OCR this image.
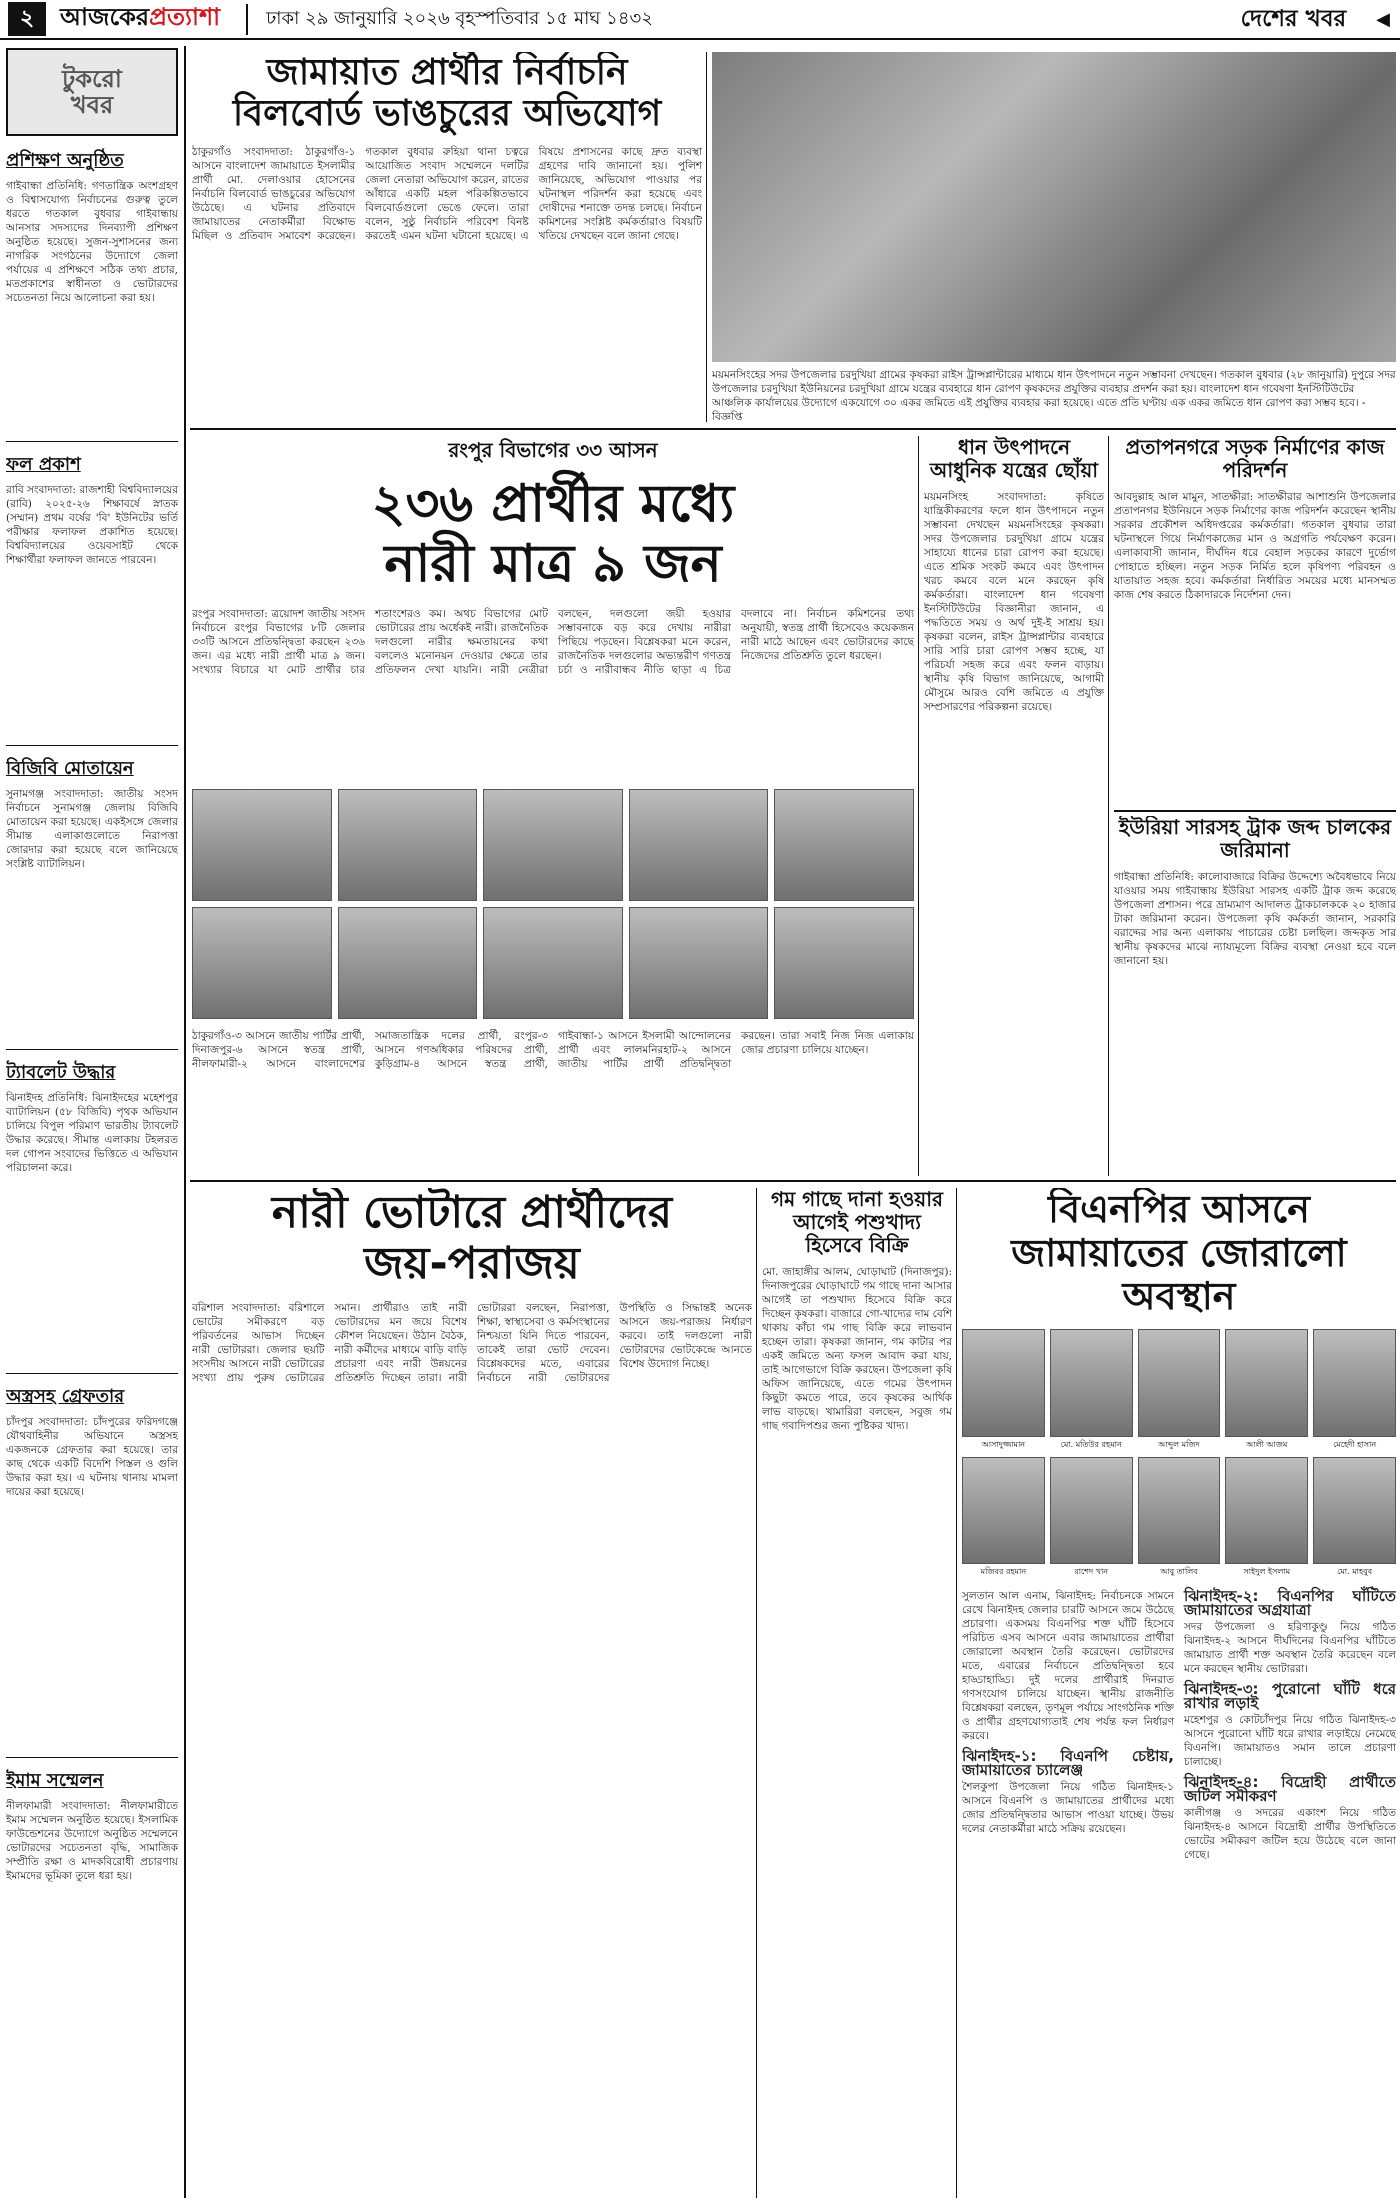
২	আজকেরপ্রত্যাশা	ঢাকা ২৯ জানুয়ারি ২০২৬ বৃহস্পতিবার ১৫ মাঘ ১৪৩২	দেশের খবর ◀
টুকরো
খবর
প্রশিক্ষণ অনুষ্ঠিত
গাইবান্ধা প্রতিনিধি: গণতান্ত্রিক অংশগ্রহণ ও বিশ্বাসযোগ্য নির্বাচনের গুরুত্ব তুলে ধরতে গতকাল বুধবার গাইবান্ধায় আনসার সদস্যদের দিনব্যাপী প্রশিক্ষণ অনুষ্ঠিত হয়েছে। সুজন-সুশাসনের জন্য নাগরিক সংগঠনের উদ্যোগে জেলা পর্যায়ের এ প্রশিক্ষণে সঠিক তথ্য প্রচার, মতপ্রকাশের স্বাধীনতা ও ভোটারদের সচেতনতা নিয়ে আলোচনা করা হয়।
ফল প্রকাশ
রাবি সংবাদদাতা: রাজশাহী বিশ্ববিদ্যালয়ের (রাবি) ২০২৫-২৬ শিক্ষাবর্ষে স্নাতক (সম্মান) প্রথম বর্ষের 'বি' ইউনিটের ভর্তি পরীক্ষার ফলাফল প্রকাশিত হয়েছে। বিশ্ববিদ্যালয়ের ওয়েবসাইট থেকে শিক্ষার্থীরা ফলাফল জানতে পারবেন।
বিজিবি মোতায়েন
সুনামগঞ্জ সংবাদদাতা: জাতীয় সংসদ নির্বাচনে সুনামগঞ্জ জেলায় বিজিবি মোতায়েন করা হয়েছে। একইসঙ্গে জেলার সীমান্ত এলাকাগুলোতে নিরাপত্তা জোরদার করা হয়েছে বলে জানিয়েছে সংশ্লিষ্ট ব্যাটালিয়ন।
ট্যাবলেট উদ্ধার
ঝিনাইদহ প্রতিনিধি: ঝিনাইদহের মহেশপুর ব্যাটালিয়ন (৫৮ বিজিবি) পৃথক অভিযান চালিয়ে বিপুল পরিমাণ ভারতীয় ট্যাবলেট উদ্ধার করেছে। সীমান্ত এলাকায় টহলরত দল গোপন সংবাদের ভিত্তিতে এ অভিযান পরিচালনা করে।
অস্ত্রসহ গ্রেফতার
চাঁদপুর সংবাদদাতা: চাঁদপুরের ফরিদগঞ্জে যৌথবাহিনীর অভিযানে অস্ত্রসহ একজনকে গ্রেফতার করা হয়েছে। তার কাছ থেকে একটি বিদেশি পিস্তল ও গুলি উদ্ধার করা হয়। এ ঘটনায় থানায় মামলা দায়ের করা হয়েছে।
ইমাম সম্মেলন
নীলফামারী সংবাদদাতা: নীলফামারীতে ইমাম সম্মেলন অনুষ্ঠিত হয়েছে। ইসলামিক ফাউন্ডেশনের উদ্যোগে অনুষ্ঠিত সম্মেলনে ভোটারদের সচেতনতা বৃদ্ধি, সামাজিক সম্প্রীতি রক্ষা ও মাদকবিরোধী প্রচারণায় ইমামদের ভূমিকা তুলে ধরা হয়।
জামায়াত প্রার্থীর নির্বাচনি
বিলবোর্ড ভাঙচুরের অভিযোগ
ঠাকুরগাঁও সংবাদদাতা: ঠাকুরগাঁও-১ আসনে বাংলাদেশ জামায়াতে ইসলামীর প্রার্থী মো. দেলাওয়ার হোসেনের নির্বাচনি বিলবোর্ড ভাঙচুরের অভিযোগ উঠেছে। এ ঘটনার প্রতিবাদে জামায়াতের নেতাকর্মীরা বিক্ষোভ মিছিল ও প্রতিবাদ সমাবেশ করেছেন। গতকাল বুধবার রুহিয়া থানা চত্বরে আয়োজিত সংবাদ সম্মেলনে দলটির জেলা নেতারা অভিযোগ করেন, রাতের আঁধারে একটি মহল পরিকল্পিতভাবে বিলবোর্ডগুলো ভেঙে ফেলে। তারা বলেন, সুষ্ঠু নির্বাচনি পরিবেশ বিনষ্ট করতেই এমন ঘটনা ঘটানো হয়েছে। এ বিষয়ে প্রশাসনের কাছে দ্রুত ব্যবস্থা গ্রহণের দাবি জানানো হয়। পুলিশ জানিয়েছে, অভিযোগ পাওয়ার পর ঘটনাস্থল পরিদর্শন করা হয়েছে এবং দোষীদের শনাক্তে তদন্ত চলছে। নির্বাচন কমিশনের সংশ্লিষ্ট কর্মকর্তারাও বিষয়টি খতিয়ে দেখছেন বলে জানা গেছে।
ময়মনসিংহের সদর উপজেলার চরদুখিয়া গ্রামের কৃষকরা রাইস ট্রান্সপ্লান্টারের মাধ্যমে ধান উৎপাদনে নতুন সম্ভাবনা দেখছেন। গতকাল বুধবার (২৮ জানুয়ারি) দুপুরে সদর উপজেলার চরদুখিয়া ইউনিয়নের চরদুখিয়া গ্রামে যন্ত্রের ব্যবহারে ধান রোপণ কৃষকদের প্রযুক্তির ব্যবহার প্রদর্শন করা হয়। বাংলাদেশ ধান গবেষণা ইনস্টিটিউটের আঞ্চলিক কার্যালয়ের উদ্যোগে একযোগে ৩০ একর জমিতে এই প্রযুক্তির ব্যবহার করা হয়েছে। এতে প্রতি ঘণ্টায় এক একর জমিতে ধান রোপণ করা সম্ভব হবে। - বিজ্ঞপ্তি
রংপুর বিভাগের ৩৩ আসন
২৩৬ প্রার্থীর মধ্যে
নারী মাত্র ৯ জন
রংপুর সংবাদদাতা: ত্রয়োদশ জাতীয় সংসদ নির্বাচনে রংপুর বিভাগের ৮টি জেলার ৩৩টি আসনে প্রতিদ্বন্দ্বিতা করছেন ২৩৬ জন। এর মধ্যে নারী প্রার্থী মাত্র ৯ জন। সংখ্যার বিচারে যা মোট প্রার্থীর চার শতাংশেরও কম। অথচ বিভাগের মোট ভোটারের প্রায় অর্ধেকই নারী। রাজনৈতিক দলগুলো নারীর ক্ষমতায়নের কথা বললেও মনোনয়ন দেওয়ার ক্ষেত্রে তার প্রতিফলন দেখা যায়নি। নারী নেত্রীরা বলছেন, দলগুলো জয়ী হওয়ার সম্ভাবনাকে বড় করে দেখায় নারীরা পিছিয়ে পড়ছেন। বিশ্লেষকরা মনে করেন, রাজনৈতিক দলগুলোর অভ্যন্তরীণ গণতন্ত্র চর্চা ও নারীবান্ধব নীতি ছাড়া এ চিত্র বদলাবে না। নির্বাচন কমিশনের তথ্য অনুযায়ী, স্বতন্ত্র প্রার্থী হিসেবেও কয়েকজন নারী মাঠে আছেন এবং ভোটারদের কাছে নিজেদের প্রতিশ্রুতি তুলে ধরছেন।
ঠাকুরগাঁও-৩ আসনে জাতীয় পার্টির প্রার্থী, দিনাজপুর-৬ আসনে স্বতন্ত্র প্রার্থী, নীলফামারী-২ আসনে বাংলাদেশের সমাজতান্ত্রিক দলের প্রার্থী, রংপুর-৩ আসনে গণঅধিকার পরিষদের প্রার্থী, কুড়িগ্রাম-৪ আসনে স্বতন্ত্র প্রার্থী, গাইবান্ধা-১ আসনে ইসলামী আন্দোলনের প্রার্থী এবং লালমনিরহাট-২ আসনে জাতীয় পার্টির প্রার্থী প্রতিদ্বন্দ্বিতা করছেন। তারা সবাই নিজ নিজ এলাকায় জোর প্রচারণা চালিয়ে যাচ্ছেন।
ধান উৎপাদনে আধুনিক যন্ত্রের ছোঁয়া
ময়মনসিংহ সংবাদদাতা: কৃষিতে যান্ত্রিকীকরণের ফলে ধান উৎপাদনে নতুন সম্ভাবনা দেখছেন ময়মনসিংহের কৃষকরা। সদর উপজেলার চরদুখিয়া গ্রামে যন্ত্রের সাহায্যে ধানের চারা রোপণ করা হয়েছে। এতে শ্রমিক সংকট কমবে এবং উৎপাদন খরচ কমবে বলে মনে করছেন কৃষি কর্মকর্তারা। বাংলাদেশ ধান গবেষণা ইনস্টিটিউটের বিজ্ঞানীরা জানান, এ পদ্ধতিতে সময় ও অর্থ দুই-ই সাশ্রয় হয়। কৃষকরা বলেন, রাইস ট্রান্সপ্লান্টার ব্যবহারে সারি সারি চারা রোপণ সম্ভব হচ্ছে, যা পরিচর্যা সহজ করে এবং ফলন বাড়ায়। স্থানীয় কৃষি বিভাগ জানিয়েছে, আগামী মৌসুমে আরও বেশি জমিতে এ প্রযুক্তি সম্প্রসারণের পরিকল্পনা রয়েছে।
প্রতাপনগরে সড়ক নির্মাণের কাজ পরিদর্শন
আবদুল্লাহ আল মামুন, সাতক্ষীরা: সাতক্ষীরার আশাশুনি উপজেলার প্রতাপনগর ইউনিয়নে সড়ক নির্মাণের কাজ পরিদর্শন করেছেন স্থানীয় সরকার প্রকৌশল অধিদপ্তরের কর্মকর্তারা। গতকাল বুধবার তারা ঘটনাস্থলে গিয়ে নির্মাণকাজের মান ও অগ্রগতি পর্যবেক্ষণ করেন। এলাকাবাসী জানান, দীর্ঘদিন ধরে বেহাল সড়কের কারণে দুর্ভোগ পোহাতে হচ্ছিল। নতুন সড়ক নির্মিত হলে কৃষিপণ্য পরিবহন ও যাতায়াত সহজ হবে। কর্মকর্তারা নির্ধারিত সময়ের মধ্যে মানসম্মত কাজ শেষ করতে ঠিকাদারকে নির্দেশনা দেন।
ইউরিয়া সারসহ ট্রাক জব্দ চালকের জরিমানা
গাইবান্ধা প্রতিনিধি: কালোবাজারে বিক্রির উদ্দেশ্যে অবৈধভাবে নিয়ে যাওয়ার সময় গাইবান্ধায় ইউরিয়া সারসহ একটি ট্রাক জব্দ করেছে উপজেলা প্রশাসন। পরে ভ্রাম্যমাণ আদালত ট্রাকচালককে ২০ হাজার টাকা জরিমানা করেন। উপজেলা কৃষি কর্মকর্তা জানান, সরকারি বরাদ্দের সার অন্য এলাকায় পাচারের চেষ্টা চলছিল। জব্দকৃত সার স্থানীয় কৃষকদের মাঝে ন্যায্যমূল্যে বিক্রির ব্যবস্থা নেওয়া হবে বলে জানানো হয়।
নারী ভোটারে প্রার্থীদের
জয়-পরাজয়
বরিশাল সংবাদদাতা: বরিশালে ভোটের সমীকরণে বড় পরিবর্তনের আভাস দিচ্ছেন নারী ভোটাররা। জেলার ছয়টি সংসদীয় আসনে নারী ভোটারের সংখ্যা প্রায় পুরুষ ভোটারের সমান। প্রার্থীরাও তাই নারী ভোটারদের মন জয়ে বিশেষ কৌশল নিয়েছেন। উঠান বৈঠক, নারী কর্মীদের মাধ্যমে বাড়ি বাড়ি প্রচারণা এবং নারী উন্নয়নের প্রতিশ্রুতি দিচ্ছেন তারা। নারী ভোটাররা বলছেন, নিরাপত্তা, শিক্ষা, স্বাস্থ্যসেবা ও কর্মসংস্থানের নিশ্চয়তা যিনি দিতে পারবেন, তাকেই তারা ভোট দেবেন। বিশ্লেষকদের মতে, এবারের নির্বাচনে নারী ভোটারদের উপস্থিতি ও সিদ্ধান্তই অনেক আসনে জয়-পরাজয় নির্ধারণ করবে। তাই দলগুলো নারী ভোটারদের ভোটকেন্দ্রে আনতে বিশেষ উদ্যোগ নিচ্ছে।
গম গাছে দানা হওয়ার আগেই পশুখাদ্য হিসেবে বিক্রি
মো. জাহাঙ্গীর আলম, ঘোড়াঘাট (দিনাজপুর): দিনাজপুরের ঘোড়াঘাটে গম গাছে দানা আসার আগেই তা পশুখাদ্য হিসেবে বিক্রি করে দিচ্ছেন কৃষকরা। বাজারে গো-খাদ্যের দাম বেশি থাকায় কাঁচা গম গাছ বিক্রি করে লাভবান হচ্ছেন তারা। কৃষকরা জানান, গম কাটার পর একই জমিতে অন্য ফসল আবাদ করা যায়, তাই আগেভাগে বিক্রি করছেন। উপজেলা কৃষি অফিস জানিয়েছে, এতে গমের উৎপাদন কিছুটা কমতে পারে, তবে কৃষকের আর্থিক লাভ বাড়ছে। খামারিরা বলছেন, সবুজ গম গাছ গবাদিপশুর জন্য পুষ্টিকর খাদ্য।
বিএনপির আসনে
জামায়াতের জোরালো
অবস্থান
আসাদুজ্জামান	মো. মতিউর রহমান	আব্দুল মজিদ	আলী আজম	মেহেদী হাসান
মজিবর রহমান	রাশেদ খান	আবু তালিব	সাইদুল ইসলাম	মো. মাহবুব
সুলতান আল এনাম, ঝিনাইদহ: নির্বাচনকে সামনে রেখে ঝিনাইদহ জেলার চারটি আসনে জমে উঠেছে প্রচারণা। একসময় বিএনপির শক্ত ঘাঁটি হিসেবে পরিচিত এসব আসনে এবার জামায়াতের প্রার্থীরা জোরালো অবস্থান তৈরি করেছেন। ভোটারদের মতে, এবারের নির্বাচনে প্রতিদ্বন্দ্বিতা হবে হাড্ডাহাড্ডি। দুই দলের প্রার্থীরাই দিনরাত গণসংযোগ চালিয়ে যাচ্ছেন। স্থানীয় রাজনীতি বিশ্লেষকরা বলছেন, তৃণমূল পর্যায়ে সাংগঠনিক শক্তি ও প্রার্থীর গ্রহণযোগ্যতাই শেষ পর্যন্ত ফল নির্ধারণ করবে।
ঝিনাইদহ-১: বিএনপি চেষ্টায়, জামায়াতের চ্যালেঞ্জ
শৈলকুপা উপজেলা নিয়ে গঠিত ঝিনাইদহ-১ আসনে বিএনপি ও জামায়াতের প্রার্থীদের মধ্যে জোর প্রতিদ্বন্দ্বিতার আভাস পাওয়া যাচ্ছে। উভয় দলের নেতাকর্মীরা মাঠে সক্রিয় রয়েছেন।
ঝিনাইদহ-২: বিএনপির ঘাঁটিতে জামায়াতের অগ্রযাত্রা
সদর উপজেলা ও হরিণাকুণ্ডু নিয়ে গঠিত ঝিনাইদহ-২ আসনে দীর্ঘদিনের বিএনপির ঘাঁটিতে জামায়াত প্রার্থী শক্ত অবস্থান তৈরি করেছেন বলে মনে করছেন স্থানীয় ভোটাররা।
ঝিনাইদহ-৩: পুরোনো ঘাঁটি ধরে রাখার লড়াই
মহেশপুর ও কোটচাঁদপুর নিয়ে গঠিত ঝিনাইদহ-৩ আসনে পুরোনো ঘাঁটি ধরে রাখার লড়াইয়ে নেমেছে বিএনপি। জামায়াতও সমান তালে প্রচারণা চালাচ্ছে।
ঝিনাইদহ-৪: বিদ্রোহী প্রার্থীতে জটিল সমীকরণ
কালীগঞ্জ ও সদরের একাংশ নিয়ে গঠিত ঝিনাইদহ-৪ আসনে বিদ্রোহী প্রার্থীর উপস্থিতিতে ভোটের সমীকরণ জটিল হয়ে উঠেছে বলে জানা গেছে।
